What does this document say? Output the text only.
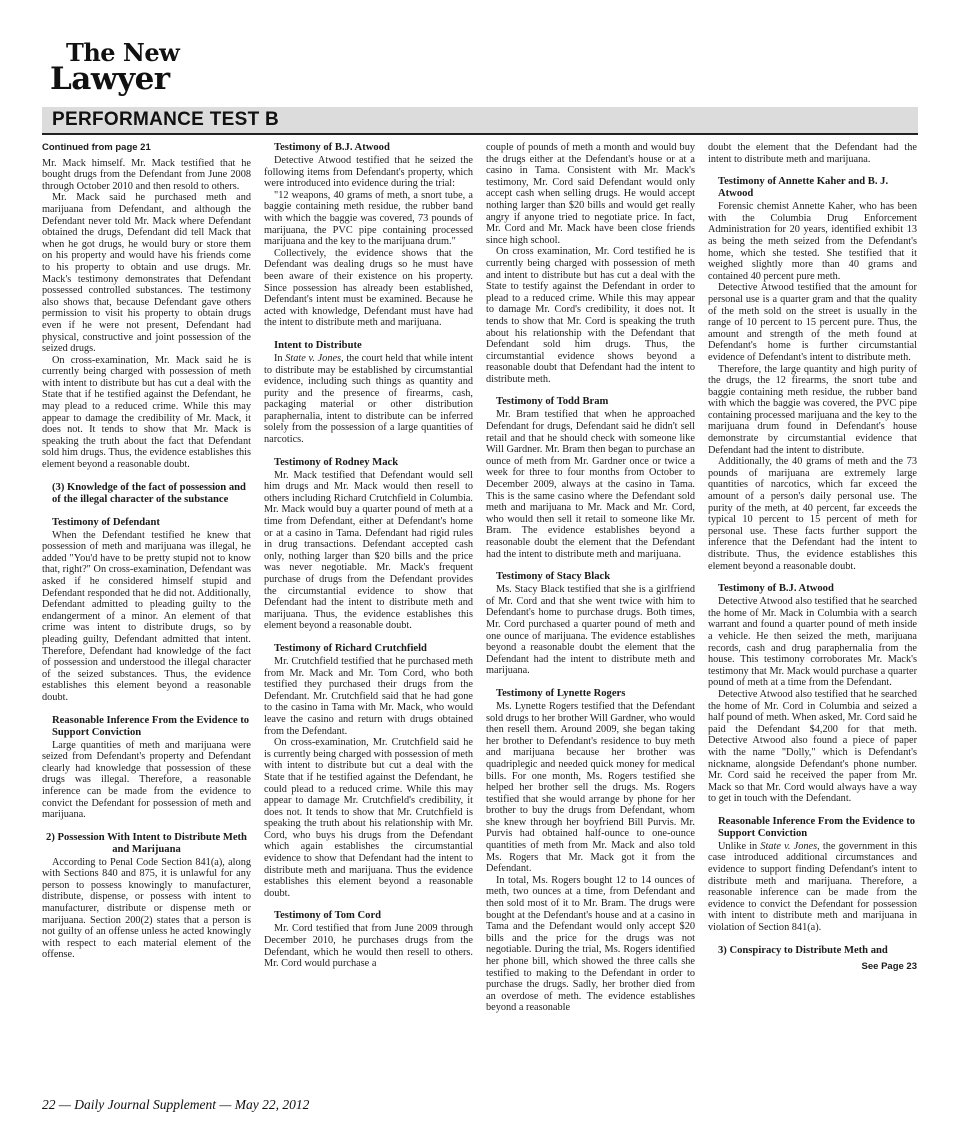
The New
Lawyer
PERFORMANCE TEST B

Continued from page 21

Mr. Mack himself. Mr. Mack testified that he bought drugs from the Defendant from June 2008 through October 2010 and then resold to others.

Mr. Mack said he purchased meth and marijuana from Defendant, and although the Defendant never told Mr. Mack where Defendant obtained the drugs, Defendant did tell Mack that when he got drugs, he would bury or store them on his property and would have his friends come to his property to obtain and use drugs. Mr. Mack's testimony demonstrates that Defendant possessed controlled substances. The testimony also shows that, because Defendant gave others permission to visit his property to obtain drugs even if he were not present, Defendant had physical, constructive and joint possession of the seized drugs.

On cross-examination, Mr. Mack said he is currently being charged with possession of meth with intent to distribute but has cut a deal with the State that if he testified against the Defendant, he may plead to a reduced crime. While this may appear to damage the credibility of Mr. Mack, it does not. It tends to show that Mr. Mack is speaking the truth about the fact that Defendant sold him drugs. Thus, the evidence establishes this element beyond a reasonable doubt.

(3) Knowledge of the fact of possession and of the illegal character of the substance
Testimony of Defendant

When the Defendant testified he knew that possession of meth and marijuana was illegal, he added "You'd have to be pretty stupid not to know that, right?" On cross-examination, Defendant was asked if he considered himself stupid and Defendant responded that he did not. Additionally, Defendant admitted to pleading guilty to the endangerment of a minor. An element of that crime was intent to distribute drugs, so by pleading guilty, Defendant admitted that intent. Therefore, Defendant had knowledge of the fact of possession and understood the illegal character of the seized substances. Thus, the evidence establishes this element beyond a reasonable doubt.

Reasonable Inference From the Evidence to Support Conviction

Large quantities of meth and marijuana were seized from Defendant's property and Defendant clearly had knowledge that possession of these drugs was illegal. Therefore, a reasonable inference can be made from the evidence to convict the Defendant for possession of meth and marijuana.

2) Possession With Intent to Distribute Meth and Marijuana

According to Penal Code Section 841(a), along with Sections 840 and 875, it is unlawful for any person to possess knowingly to manufacturer, distribute, dispense, or possess with intent to manufacturer, distribute or dispense meth or marijuana. Section 200(2) states that a person is not guilty of an offense unless he acted knowingly with respect to each material element of the offense.

Testimony of B.J. Atwood

Detective Atwood testified that he seized the following items from Defendant's property, which were introduced into evidence during the trial:

"12 weapons, 40 grams of meth, a snort tube, a baggie containing meth residue, the rubber band with which the baggie was covered, 73 pounds of marijuana, the PVC pipe containing processed marijuana and the key to the marijuana drum."

Collectively, the evidence shows that the Defendant was dealing drugs so he must have been aware of their existence on his property. Since possession has already been established, Defendant's intent must be examined. Because he acted with knowledge, Defendant must have had the intent to distribute meth and marijuana.

Intent to Distribute

In State v. Jones, the court held that while intent to distribute may be established by circumstantial evidence, including such things as quantity and purity and the presence of firearms, cash, packaging material or other distribution paraphernalia, intent to distribute can be inferred solely from the possession of a large quantities of narcotics.

Testimony of Rodney Mack

Mr. Mack testified that Defendant would sell him drugs and Mr. Mack would then resell to others including Richard Crutchfield in Columbia. Mr. Mack would buy a quarter pound of meth at a time from Defendant, either at Defendant's home or at a casino in Tama. Defendant had rigid rules in drug transactions. Defendant accepted cash only, nothing larger than $20 bills and the price was never negotiable. Mr. Mack's frequent purchase of drugs from the Defendant provides the circumstantial evidence to show that Defendant had the intent to distribute meth and marijuana. Thus, the evidence establishes this element beyond a reasonable doubt.

Testimony of Richard Crutchfield

Mr. Crutchfield testified that he purchased meth from Mr. Mack and Mr. Tom Cord, who both testified they purchased their drugs from the Defendant. Mr. Crutchfield said that he had gone to the casino in Tama with Mr. Mack, who would leave the casino and return with drugs obtained from the Defendant.

On cross-examination, Mr. Crutchfield said he is currently being charged with possession of meth with intent to distribute but cut a deal with the State that if he testified against the Defendant, he could plead to a reduced crime. While this may appear to damage Mr. Crutchfield's credibility, it does not. It tends to show that Mr. Crutchfield is speaking the truth about his relationship with Mr. Cord, who buys his drugs from the Defendant which again establishes the circumstantial evidence to show that Defendant had the intent to distribute meth and marijuana. Thus the evidence establishes this element beyond a reasonable doubt.

Testimony of Tom Cord

Mr. Cord testified that from June 2009 through December 2010, he purchases drugs from the Defendant, which he would then resell to others. Mr. Cord would purchase a

couple of pounds of meth a month and would buy the drugs either at the Defendant's house or at a casino in Tama. Consistent with Mr. Mack's testimony, Mr. Cord said Defendant would only accept cash when selling drugs. He would accept nothing larger than $20 bills and would get really angry if anyone tried to negotiate price. In fact, Mr. Cord and Mr. Mack have been close friends since high school.

On cross examination, Mr. Cord testified he is currently being charged with possession of meth and intent to distribute but has cut a deal with the State to testify against the Defendant in order to plead to a reduced crime. While this may appear to damage Mr. Cord's credibility, it does not. It tends to show that Mr. Cord is speaking the truth about his relationship with the Defendant that Defendant sold him drugs. Thus, the circumstantial evidence shows beyond a reasonable doubt that Defendant had the intent to distribute meth.

Testimony of Todd Bram

Mr. Bram testified that when he approached Defendant for drugs, Defendant said he didn't sell retail and that he should check with someone like Will Gardner. Mr. Bram then began to purchase an ounce of meth from Mr. Gardner once or twice a week for three to four months from October to December 2009, always at the casino in Tama. This is the same casino where the Defendant sold meth and marijuana to Mr. Mack and Mr. Cord, who would then sell it retail to someone like Mr. Bram. The evidence establishes beyond a reasonable doubt the element that the Defendant had the intent to distribute meth and marijuana.

Testimony of Stacy Black

Ms. Stacy Black testified that she is a girlfriend of Mr. Cord and that she went twice with him to Defendant's home to purchase drugs. Both times, Mr. Cord purchased a quarter pound of meth and one ounce of marijuana. The evidence establishes beyond a reasonable doubt the element that the Defendant had the intent to distribute meth and marijuana.

Testimony of Lynette Rogers

Ms. Lynette Rogers testified that the Defendant sold drugs to her brother Will Gardner, who would then resell them. Around 2009, she began taking her brother to Defendant's residence to buy meth and marijuana because her brother was quadriplegic and needed quick money for medical bills. For one month, Ms. Rogers testified she helped her brother sell the drugs. Ms. Rogers testified that she would arrange by phone for her brother to buy the drugs from Defendant, whom she knew through her boyfriend Bill Purvis. Mr. Purvis had obtained half-ounce to one-ounce quantities of meth from Mr. Mack and also told Ms. Rogers that Mr. Mack got it from the Defendant.

In total, Ms. Rogers bought 12 to 14 ounces of meth, two ounces at a time, from Defendant and then sold most of it to Mr. Bram. The drugs were bought at the Defendant's house and at a casino in Tama and the Defendant would only accept $20 bills and the price for the drugs was not negotiable. During the trial, Ms. Rogers identified her phone bill, which showed the three calls she testified to making to the Defendant in order to purchase the drugs. Sadly, her brother died from an overdose of meth. The evidence establishes beyond a reasonable

doubt the element that the Defendant had the intent to distribute meth and marijuana.

Testimony of Annette Kaher and B. J. Atwood

Forensic chemist Annette Kaher, who has been with the Columbia Drug Enforcement Administration for 20 years, identified exhibit 13 as being the meth seized from the Defendant's home, which she tested. She testified that it weighed slightly more than 40 grams and contained 40 percent pure meth.

Detective Atwood testified that the amount for personal use is a quarter gram and that the quality of the meth sold on the street is usually in the range of 10 percent to 15 percent pure. Thus, the amount and strength of the meth found at Defendant's home is further circumstantial evidence of Defendant's intent to distribute meth.

Therefore, the large quantity and high purity of the drugs, the 12 firearms, the snort tube and baggie containing meth residue, the rubber band with which the baggie was covered, the PVC pipe containing processed marijuana and the key to the marijuana drum found in Defendant's house demonstrate by circumstantial evidence that Defendant had the intent to distribute.

Additionally, the 40 grams of meth and the 73 pounds of marijuana are extremely large quantities of narcotics, which far exceed the amount of a person's daily personal use. The purity of the meth, at 40 percent, far exceeds the typical 10 percent to 15 percent of meth for personal use. These facts further support the inference that the Defendant had the intent to distribute. Thus, the evidence establishes this element beyond a reasonable doubt.

Testimony of B.J. Atwood

Detective Atwood also testified that he searched the home of Mr. Mack in Columbia with a search warrant and found a quarter pound of meth inside a vehicle. He then seized the meth, marijuana records, cash and drug paraphernalia from the house. This testimony corroborates Mr. Mack's testimony that Mr. Mack would purchase a quarter pound of meth at a time from the Defendant.

Detective Atwood also testified that he searched the home of Mr. Cord in Columbia and seized a half pound of meth. When asked, Mr. Cord said he paid the Defendant $4,200 for that meth. Detective Atwood also found a piece of paper with the name "Dolly," which is Defendant's nickname, alongside Defendant's phone number. Mr. Cord said he received the paper from Mr. Mack so that Mr. Cord would always have a way to get in touch with the Defendant.

Reasonable Inference From the Evidence to Support Conviction

Unlike in State v. Jones, the government in this case introduced additional circumstances and evidence to support finding Defendant's intent to distribute meth and marijuana. Therefore, a reasonable inference can be made from the evidence to convict the Defendant for possession with intent to distribute meth and marijuana in violation of Section 841(a).

3) Conspiracy to Distribute Meth and

See Page 23

22 — Daily Journal Supplement — May 22, 2012
